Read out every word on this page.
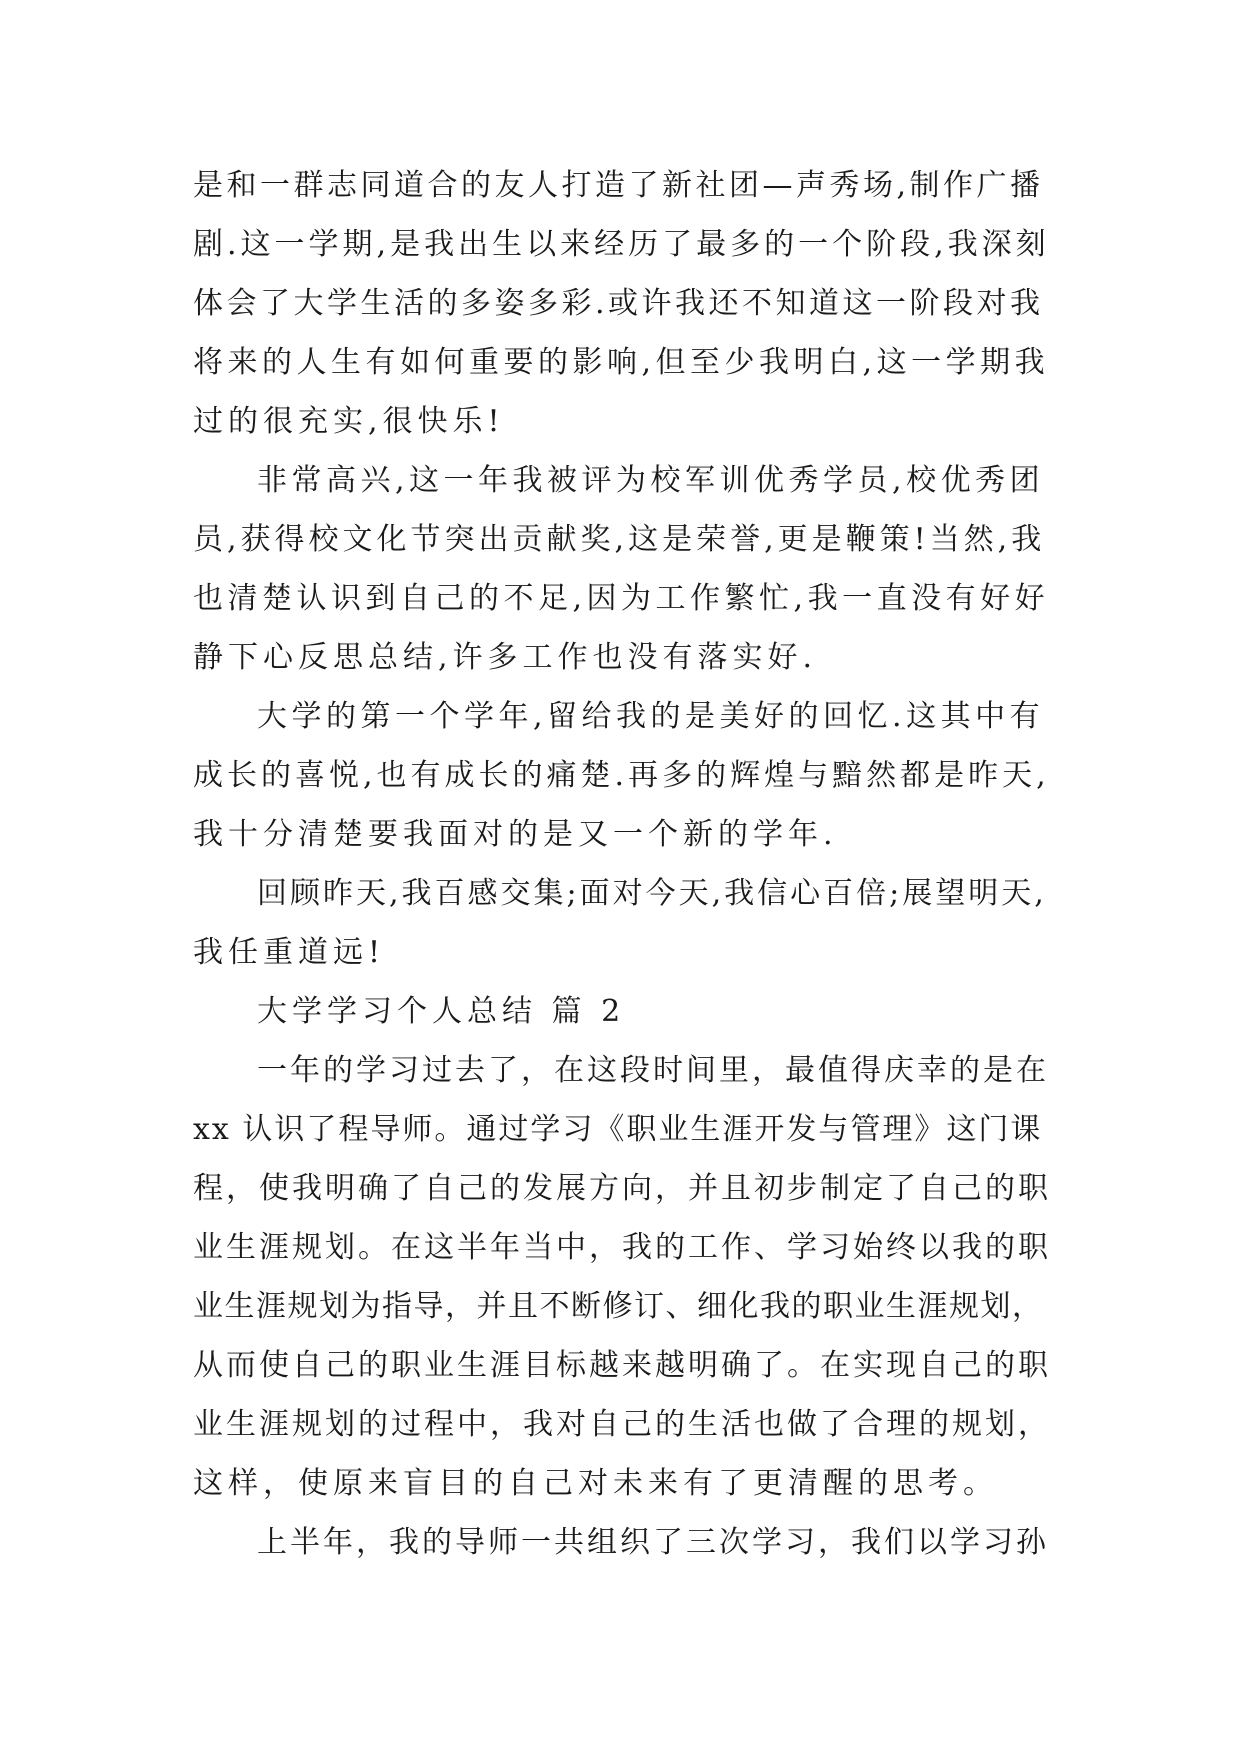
是和一群志同道合的友人打造了新社团—声秀场,制作广播
剧.这一学期,是我出生以来经历了最多的一个阶段,我深刻
体会了大学生活的多姿多彩.或许我还不知道这一阶段对我
将来的人生有如何重要的影响,但至少我明白,这一学期我
过的很充实,很快乐!
非常高兴,这一年我被评为校军训优秀学员,校优秀团
员,获得校文化节突出贡献奖,这是荣誉,更是鞭策!当然,我
也清楚认识到自己的不足,因为工作繁忙,我一直没有好好
静下心反思总结,许多工作也没有落实好.
大学的第一个学年,留给我的是美好的回忆.这其中有
成长的喜悦,也有成长的痛楚.再多的辉煌与黯然都是昨天,
我十分清楚要我面对的是又一个新的学年.
回顾昨天,我百感交集;面对今天,我信心百倍;展望明天,
我任重道远!
大学学习个人总结 篇 2
一年的学习过去了，在这段时间里，最值得庆幸的是在
xx 认识了程导师。通过学习《职业生涯开发与管理》这门课
程，使我明确了自己的发展方向，并且初步制定了自己的职
业生涯规划。在这半年当中，我的工作、学习始终以我的职
业生涯规划为指导，并且不断修订、细化我的职业生涯规划，
从而使自己的职业生涯目标越来越明确了。在实现自己的职
业生涯规划的过程中，我对自己的生活也做了合理的规划，
这样，使原来盲目的自己对未来有了更清醒的思考。
上半年，我的导师一共组织了三次学习，我们以学习孙
